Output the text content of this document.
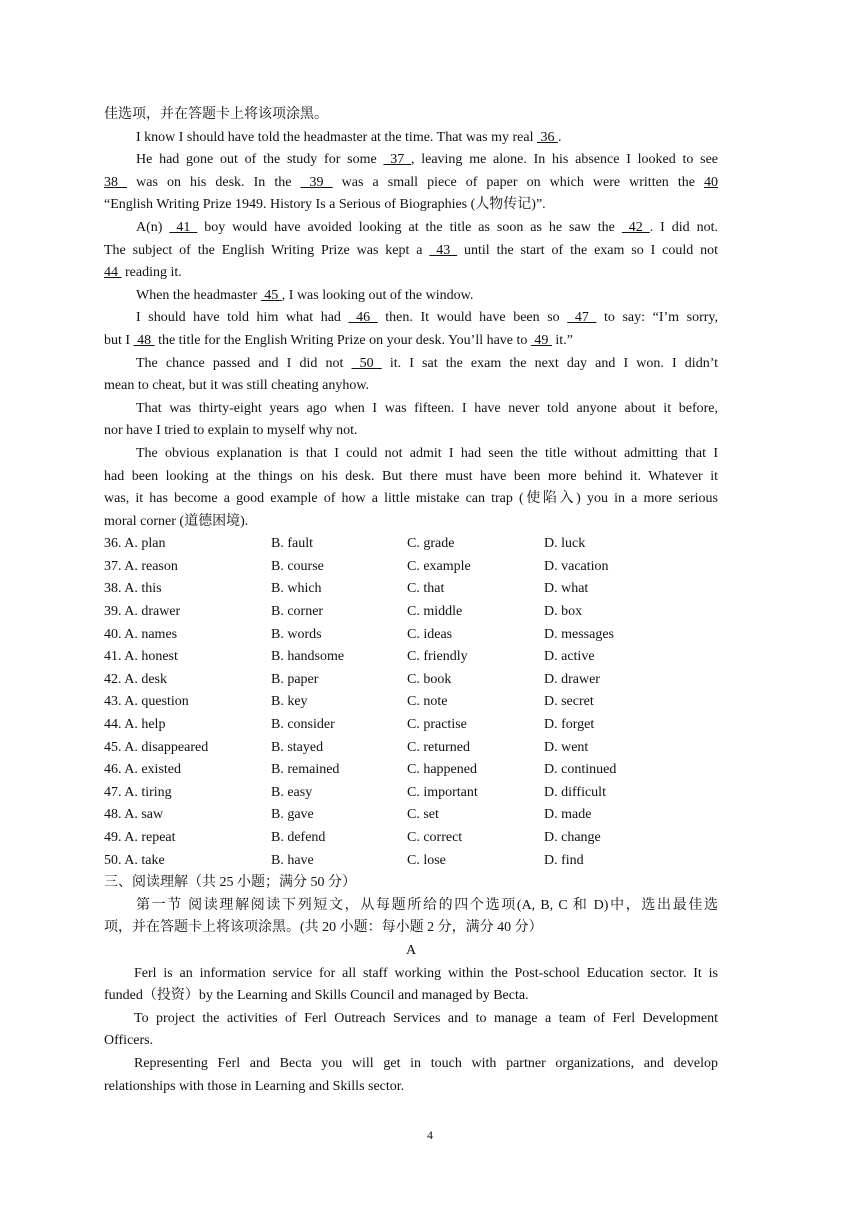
佳选项，并在答题卡上将该项涂黑。
I know I should have told the headmaster at the time. That was my real  36 .
He had gone out of the study for some  37 , leaving me alone. In his absence I looked to see
38  was on his desk. In the  39  was a small piece of paper on which were written the 40
“English Writing Prize 1949. History Is a Serious of Biographies (人物传记)”.
A(n)  41  boy would have avoided looking at the title as soon as he saw the  42 . I did not.
The subject of the English Writing Prize was kept a  43  until the start of the exam so I could not
44  reading it.
When the headmaster  45 , I was looking out of the window.
I should have told him what had  46  then. It would have been so  47  to say: “I’m sorry,
but I  48  the title for the English Writing Prize on your desk. You’ll have to  49  it.”
The chance passed and I did not  50  it. I sat the exam the next day and I won. I didn’t
mean to cheat, but it was still cheating anyhow.
That was thirty-eight years ago when I was fifteen. I have never told anyone about it before,
nor have I tried to explain to myself why not.
The obvious explanation is that I could not admit I had seen the title without admitting that I
had been looking at the things on his desk. But there must have been more behind it. Whatever it
was, it has become a good example of how a little mistake can trap (使陷入) you in a more serious
moral corner (道德困境).
36. A. plan	B. fault	C. grade	D. luck
37. A. reason	B. course	C. example	D. vacation
38. A. this	B. which	C. that	D. what
39. A. drawer	B. corner	C. middle	D. box
40. A. names	B. words	C. ideas	D. messages
41. A. honest	B. handsome	C. friendly	D. active
42. A. desk	B. paper	C. book	D. drawer
43. A. question	B. key	C. note	D. secret
44. A. help	B. consider	C. practise	D. forget
45. A. disappeared	B. stayed	C. returned	D. went
46. A. existed	B. remained	C. happened	D. continued
47. A. tiring	B. easy	C. important	D. difficult
48. A. saw	B. gave	C. set	D. made
49. A. repeat	B. defend	C. correct	D. change
50. A. take	B. have	C. lose	D. find
三、阅读理解（共 25 小题；满分 50 分）
第一节 阅读理解阅读下列短文，从每题所给的四个选项(A, B, C 和 D)中，选出最佳选
项，并在答题卡上将该项涂黑。(共 20 小题：每小题 2 分，满分 40 分）
A
Ferl is an information service for all staff working within the Post-school Education sector. It is
funded（投资）by the Learning and Skills Council and managed by Becta.
To project the activities of Ferl Outreach Services and to manage a team of Ferl Development
Officers.
Representing Ferl and Becta you will get in touch with partner organizations, and develop
relationships with those in Learning and Skills sector.
4
